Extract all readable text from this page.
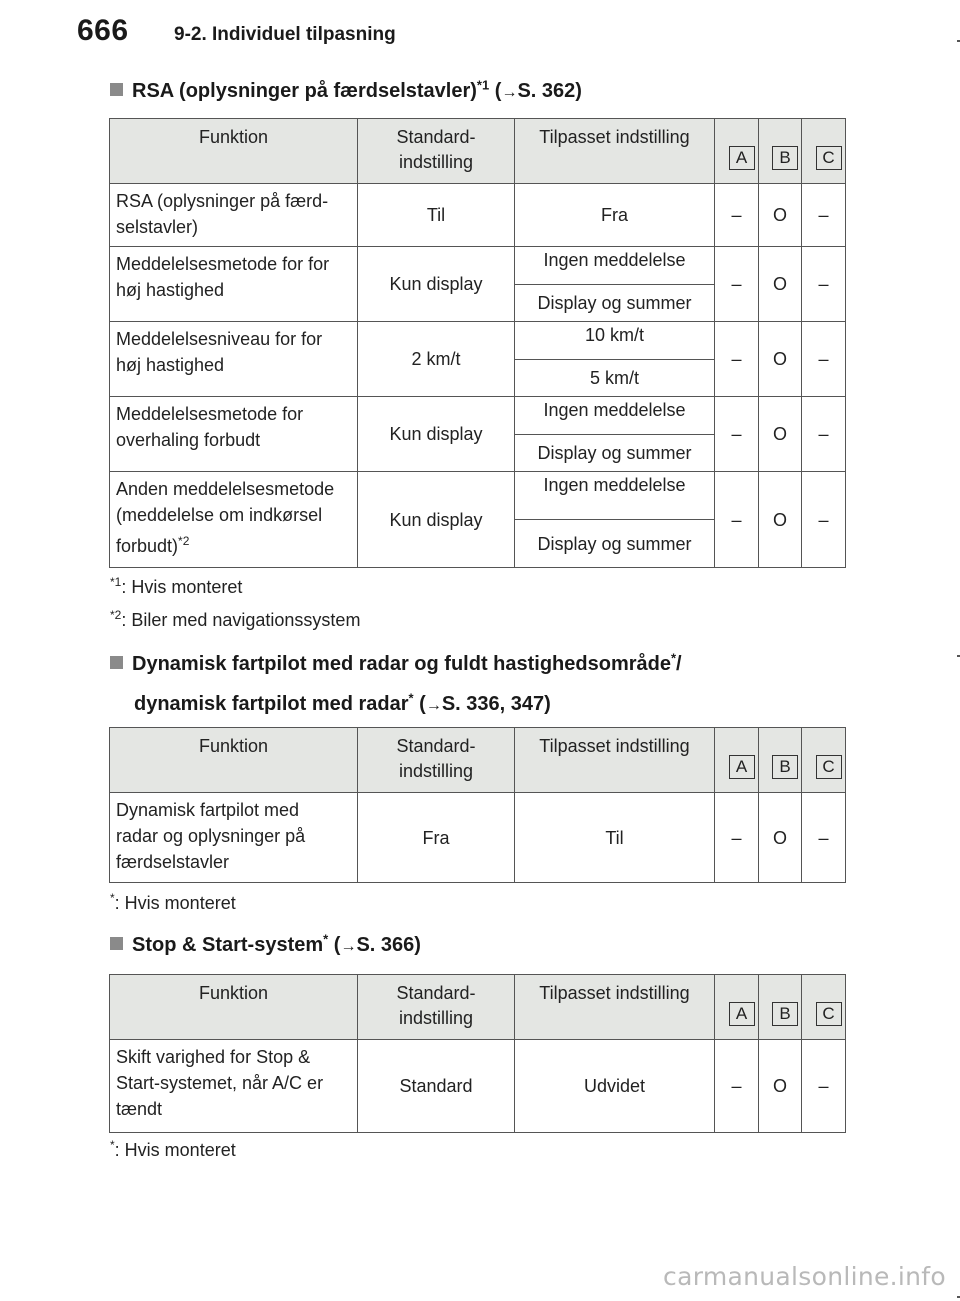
666 9-2. Individuel tilpasning
RSA (oplysninger på færdselstavler)$^{*1}$ (→S. 362)
Funktion	Standard-
indstilling	Tilpasset indstilling	A	B	C
RSA (oplysninger på færd-
selstavler)	Til	Fra	–	O	–
Meddelelsesmetode for for
høj hastighed	Kun display	Ingen meddelelse	–	O	–
		Display og summer			
Meddelelsesniveau for for
høj hastighed	2 km/t	10 km/t	–	O	–
		5 km/t			
Meddelelsesmetode for
overhaling forbudt	Kun display	Ingen meddelelse	–	O	–
		Display og summer			
Anden meddelelsesmetode
(meddelelse om indkørsel
forbudt)$^{*2}$	Kun display	Ingen meddelelse	–	O	–
		Display og summer			
$^{*1}$: Hvis monteret
$^{*2}$: Biler med navigationssystem
Dynamisk fartpilot med radar og fuldt hastighedsområde*/
dynamisk fartpilot med radar* (→S. 336, 347)
Funktion	Standard-
indstilling	Tilpasset indstilling	A	B	C
Dynamisk fartpilot med
radar og oplysninger på
færdselstavler	Fra	Til	–	O	–
*: Hvis monteret
Stop & Start-system* (→S. 366)
Funktion	Standard-
indstilling	Tilpasset indstilling	A	B	C
Skift varighed for Stop &
Start-systemet, når A/C er
tændt	Standard	Udvidet	–	O	–
*: Hvis monteret
carmanualsonline.info
